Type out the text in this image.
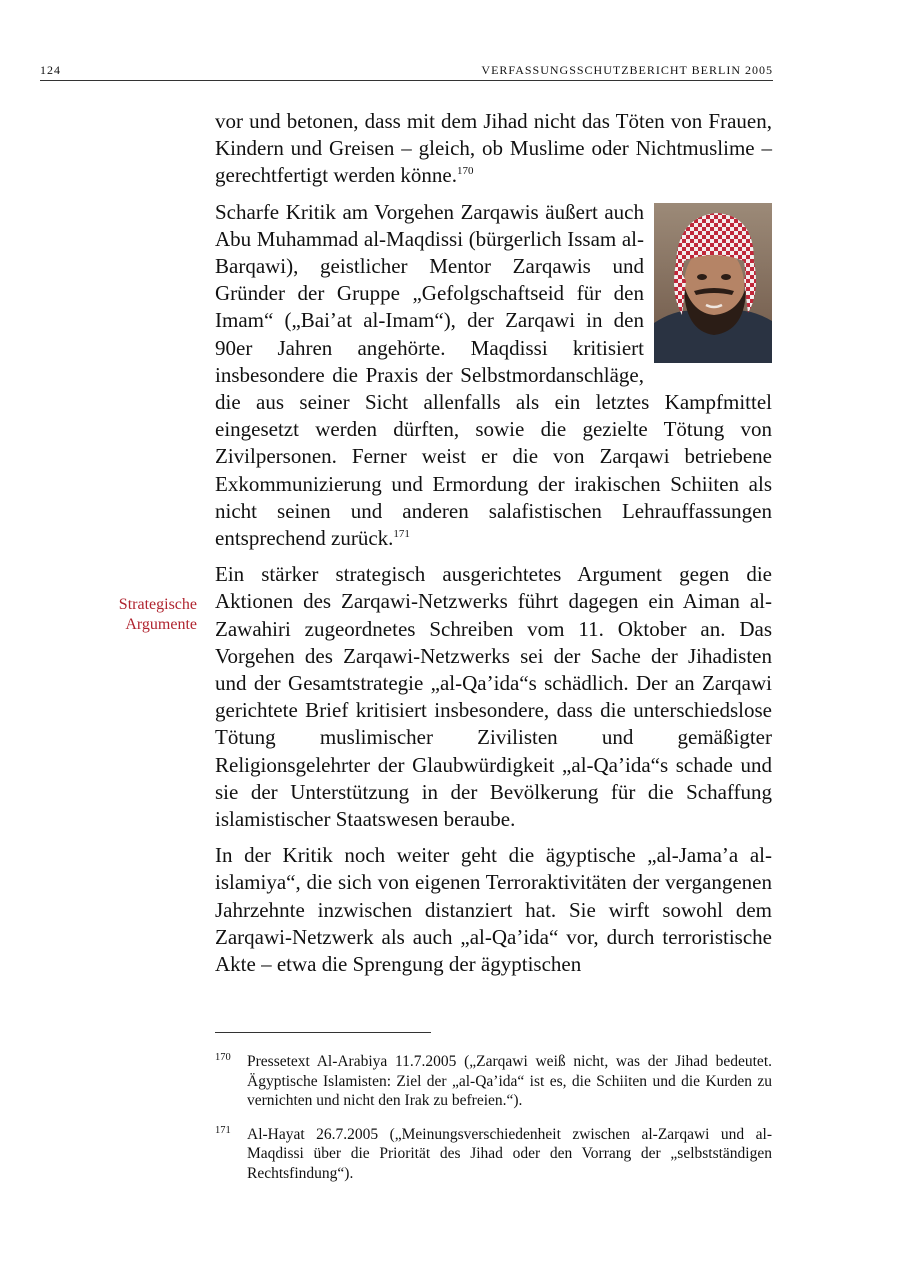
124	VERFASSUNGSSCHUTZBERICHT BERLIN 2005
Strategische
Argumente

vor und betonen, dass mit dem Jihad nicht das Töten von Frauen, Kindern und Greisen – gleich, ob Muslime oder Nichtmuslime – gerechtfertigt werden könne.$^{170}$

Scharfe Kritik am Vorgehen Zarqawis äußert auch Abu Muhammad al-Maqdissi (bürgerlich Issam al-Barqawi), geistlicher Mentor Zarqawis und Gründer der Gruppe „Gefolgschaftseid für den Imam“ („Bai’at al-Imam“), der Zarqawi in den 90er Jahren angehörte. Maqdissi kritisiert insbesondere die Praxis der Selbstmordanschläge, die aus seiner Sicht allenfalls als ein letztes Kampfmittel eingesetzt werden dürften, sowie die gezielte Tötung von Zivilpersonen. Ferner weist er die von Zarqawi betriebene Exkommunizierung und Ermordung der irakischen Schiiten als nicht seinen und anderen salafistischen Lehrauffassungen entsprechend zurück.$^{171}$

Ein stärker strategisch ausgerichtetes Argument gegen die Aktionen des Zarqawi-Netzwerks führt dagegen ein Aiman al-Zawahiri zugeordnetes Schreiben vom 11. Oktober an. Das Vorgehen des Zarqawi-Netzwerks sei der Sache der Jihadisten und der Gesamtstrategie „al-Qa’ida“s schädlich. Der an Zarqawi gerichtete Brief kritisiert insbesondere, dass die unterschiedslose Tötung muslimischer Zivilisten und gemäßigter Religionsgelehrter der Glaubwürdigkeit „al-Qa’ida“s schade und sie der Unterstützung in der Bevölkerung für die Schaffung islamistischer Staatswesen beraube.

In der Kritik noch weiter geht die ägyptische „al-Jama’a al-islamiya“, die sich von eigenen Terroraktivitäten der vergangenen Jahrzehnte inzwischen distanziert hat. Sie wirft sowohl dem Zarqawi-Netzwerk als auch „al-Qa’ida“ vor, durch terroristische Akte – etwa die Sprengung der ägyptischen

170 Pressetext Al-Arabiya 11.7.2005 („Zarqawi weiß nicht, was der Jihad bedeutet. Ägyptische Islamisten: Ziel der „al-Qa’ida“ ist es, die Schiiten und die Kurden zu vernichten und nicht den Irak zu befreien.“).
171 Al-Hayat 26.7.2005 („Meinungsverschiedenheit zwischen al-Zarqawi und al-Maqdissi über die Priorität des Jihad oder den Vorrang der „selbstständigen Rechtsfindung“).
